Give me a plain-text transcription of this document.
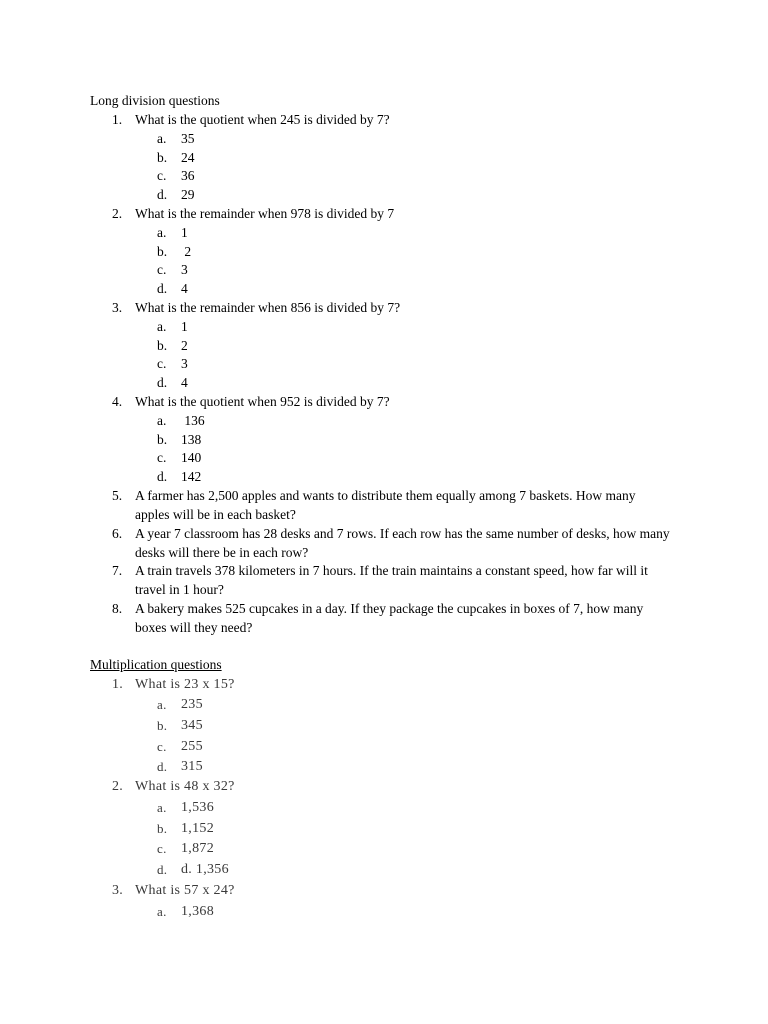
Long division questions
1. What is the quotient when 245 is divided by 7?
a. 35
b. 24
c. 36
d. 29
2. What is the remainder when 978 is divided by 7
a. 1
b. 2
c. 3
d. 4
3. What is the remainder when 856 is divided by 7?
a. 1
b. 2
c. 3
d. 4
4. What is the quotient when 952 is divided by 7?
a. 136
b. 138
c. 140
d. 142
5. A farmer has 2,500 apples and wants to distribute them equally among 7 baskets. How many apples will be in each basket?
6. A year 7 classroom has 28 desks and 7 rows. If each row has the same number of desks, how many desks will there be in each row?
7. A train travels 378 kilometers in 7 hours. If the train maintains a constant speed, how far will it travel in 1 hour?
8. A bakery makes 525 cupcakes in a day. If they package the cupcakes in boxes of 7, how many boxes will they need?
Multiplication questions
1. What is 23 x 15?
a. 235
b. 345
c. 255
d. 315
2. What is 48 x 32?
a. 1,536
b. 1,152
c. 1,872
d. d. 1,356
3. What is 57 x 24?
a. 1,368
